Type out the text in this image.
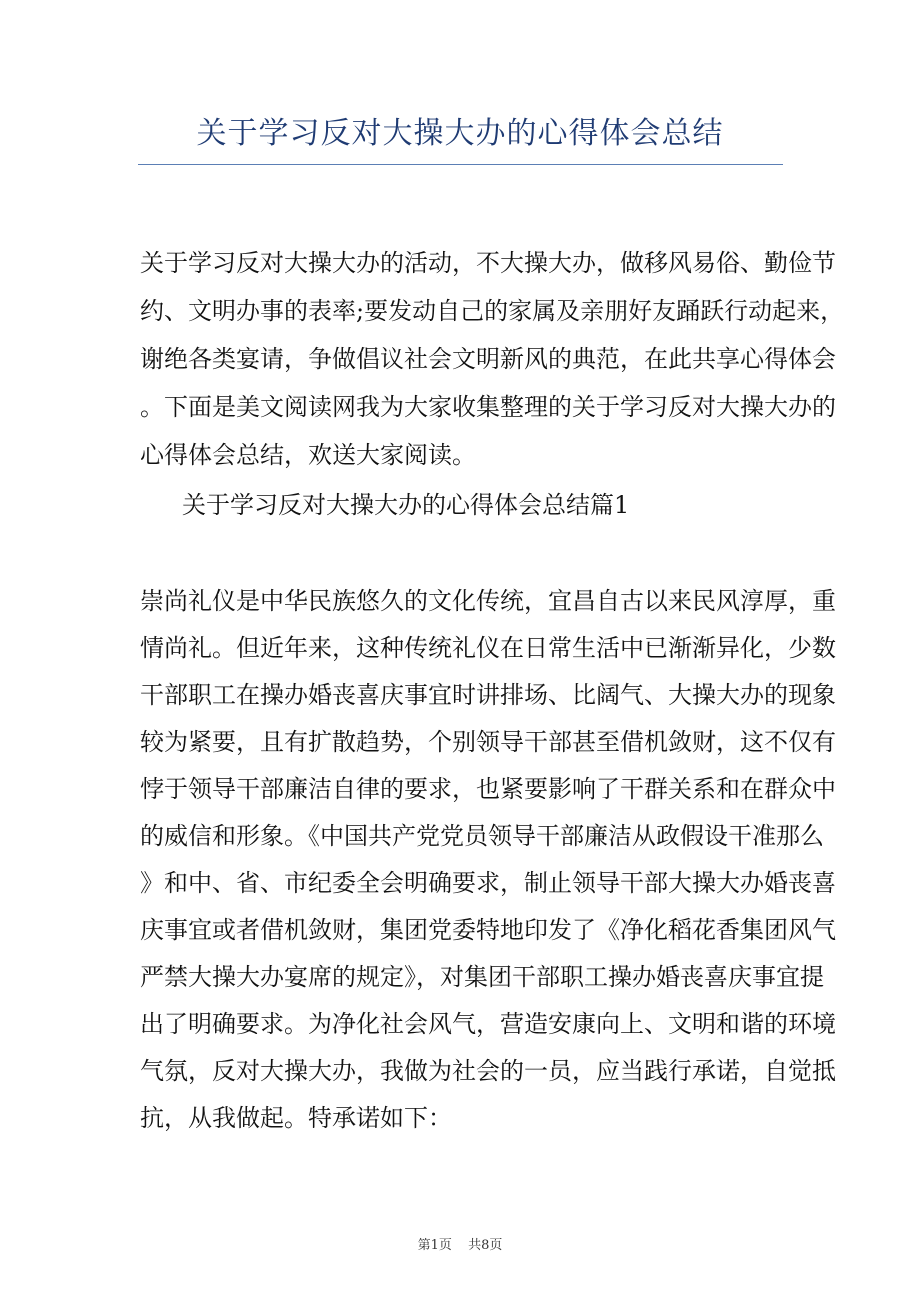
关于学习反对大操大办的心得体会总结
关于学习反对大操大办的活动，不大操大办，做移风易俗、勤俭节
约、文明办事的表率;要发动自己的家属及亲朋好友踊跃行动起来，
谢绝各类宴请，争做倡议社会文明新风的典范，在此共享心得体会
。下面是美文阅读网我为大家收集整理的关于学习反对大操大办的
心得体会总结，欢送大家阅读。
关于学习反对大操大办的心得体会总结篇1
崇尚礼仪是中华民族悠久的文化传统，宜昌自古以来民风淳厚，重
情尚礼。但近年来，这种传统礼仪在日常生活中已渐渐异化，少数
干部职工在操办婚丧喜庆事宜时讲排场、比阔气、大操大办的现象
较为紧要，且有扩散趋势，个别领导干部甚至借机敛财，这不仅有
悖于领导干部廉洁自律的要求，也紧要影响了干群关系和在群众中
的威信和形象。《中国共产党党员领导干部廉洁从政假设干准那么
》和中、省、市纪委全会明确要求，制止领导干部大操大办婚丧喜
庆事宜或者借机敛财，集团党委特地印发了《净化稻花香集团风气
严禁大操大办宴席的规定》，对集团干部职工操办婚丧喜庆事宜提
出了明确要求。为净化社会风气，营造安康向上、文明和谐的环境
气氛，反对大操大办，我做为社会的一员，应当践行承诺，自觉抵
抗，从我做起。特承诺如下：
第1页 共8页
